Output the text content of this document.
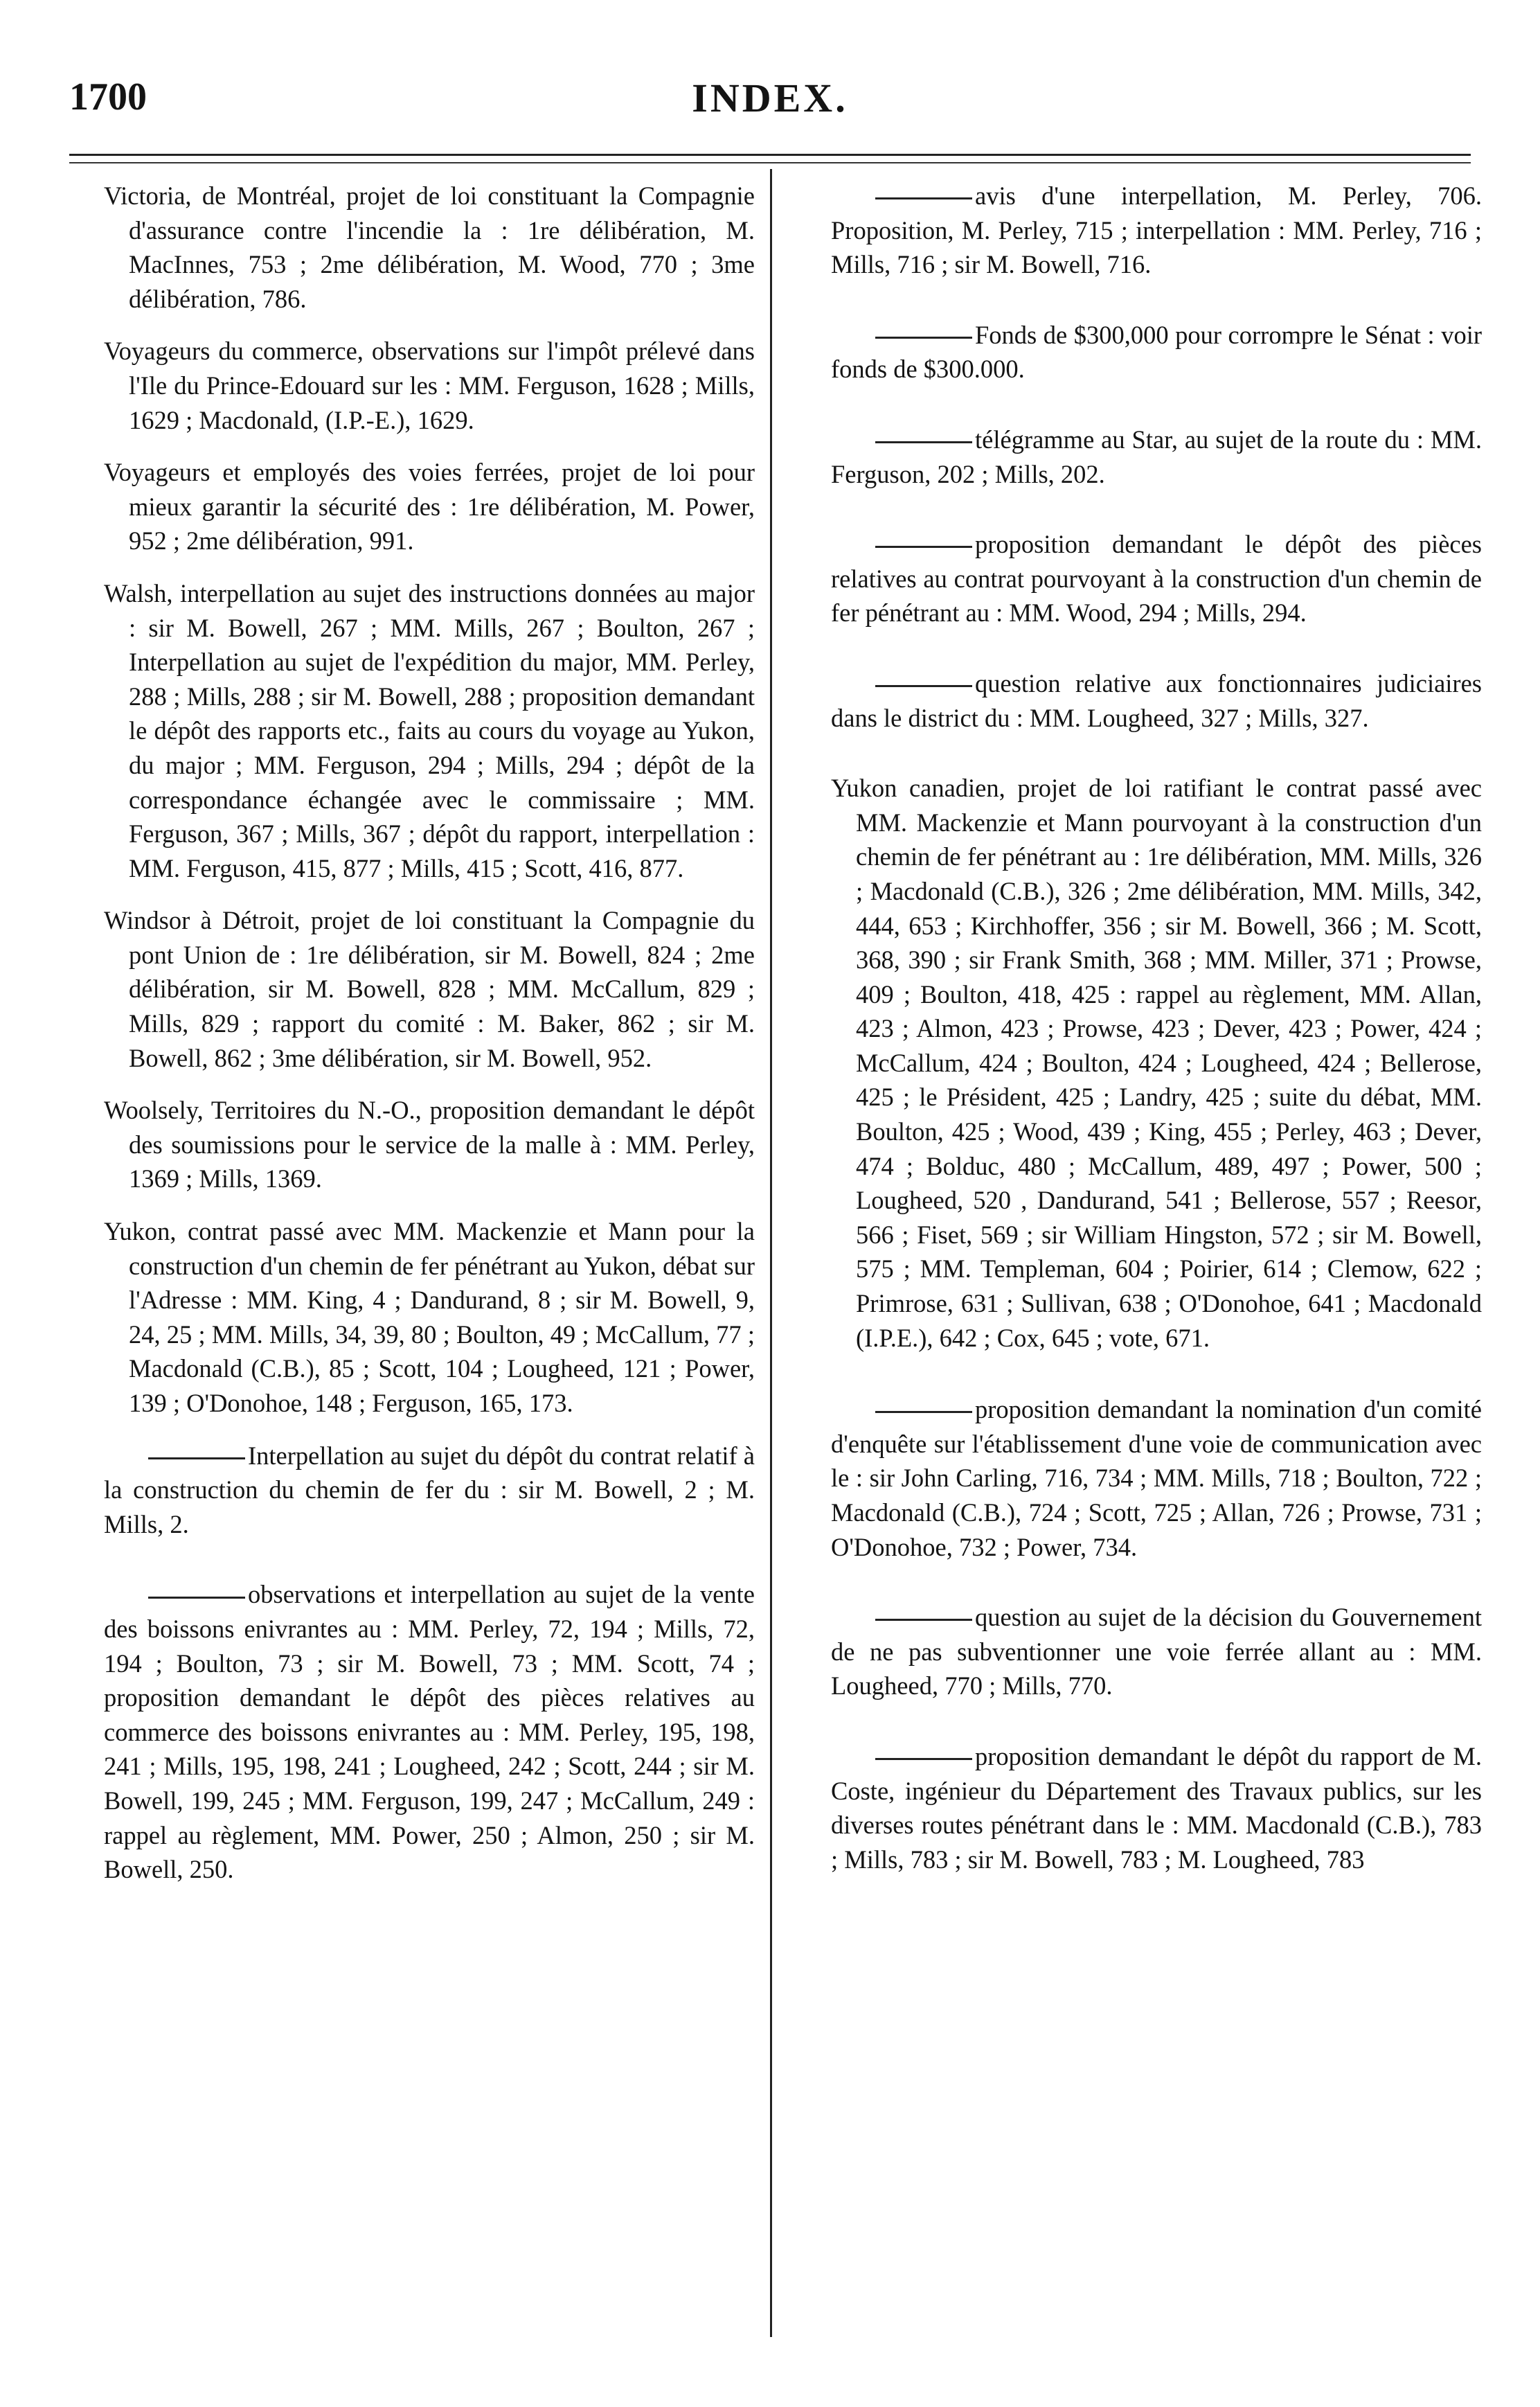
1700	INDEX.

Victoria, de Montréal, projet de loi constituant la Compagnie d'assurance contre l'incendie la : 1re délibération, M. MacInnes, 753 ; 2me délibération, M. Wood, 770 ; 3me délibération, 786.

Voyageurs du commerce, observations sur l'impôt prélevé dans l'Ile du Prince-Edouard sur les : MM. Ferguson, 1628 ; Mills, 1629 ; Macdonald, (I.P.-E.), 1629.

Voyageurs et employés des voies ferrées, projet de loi pour mieux garantir la sécurité des : 1re délibération, M. Power, 952 ; 2me délibération, 991.

Walsh, interpellation au sujet des instructions données au major : sir M. Bowell, 267 ; MM. Mills, 267 ; Boulton, 267 ; Interpellation au sujet de l'expédition du major, MM. Perley, 288 ; Mills, 288 ; sir M. Bowell, 288 ; proposition demandant le dépôt des rapports etc., faits au cours du voyage au Yukon, du major ; MM. Ferguson, 294 ; Mills, 294 ; dépôt de la correspondance échangée avec le commissaire ; MM. Ferguson, 367 ; Mills, 367 ; dépôt du rapport, interpellation : MM. Ferguson, 415, 877 ; Mills, 415 ; Scott, 416, 877.

Windsor à Détroit, projet de loi constituant la Compagnie du pont Union de : 1re délibération, sir M. Bowell, 824 ; 2me délibération, sir M. Bowell, 828 ; MM. McCallum, 829 ; Mills, 829 ; rapport du comité : M. Baker, 862 ; sir M. Bowell, 862 ; 3me délibération, sir M. Bowell, 952.

Woolsely, Territoires du N.-O., proposition demandant le dépôt des soumissions pour le service de la malle à : MM. Perley, 1369 ; Mills, 1369.

Yukon, contrat passé avec MM. Mackenzie et Mann pour la construction d'un chemin de fer pénétrant au Yukon, débat sur l'Adresse : MM. King, 4 ; Dandurand, 8 ; sir M. Bowell, 9, 24, 25 ; MM. Mills, 34, 39, 80 ; Boulton, 49 ; McCallum, 77 ; Macdonald (C.B.), 85 ; Scott, 104 ; Lougheed, 121 ; Power, 139 ; O'Donohoe, 148 ; Ferguson, 165, 173.

Interpellation au sujet du dépôt du contrat relatif à la construction du chemin de fer du : sir M. Bowell, 2 ; M. Mills, 2.

observations et interpellation au sujet de la vente des boissons enivrantes au : MM. Perley, 72, 194 ; Mills, 72, 194 ; Boulton, 73 ; sir M. Bowell, 73 ; MM. Scott, 74 ; proposition demandant le dépôt des pièces relatives au commerce des boissons enivrantes au : MM. Perley, 195, 198, 241 ; Mills, 195, 198, 241 ; Lougheed, 242 ; Scott, 244 ; sir M. Bowell, 199, 245 ; MM. Ferguson, 199, 247 ; McCallum, 249 : rappel au règlement, MM. Power, 250 ; Almon, 250 ; sir M. Bowell, 250.

avis d'une interpellation, M. Perley, 706. Proposition, M. Perley, 715 ; interpellation : MM. Perley, 716 ; Mills, 716 ; sir M. Bowell, 716.

Fonds de $300,000 pour corrompre le Sénat : voir fonds de $300.000.

télégramme au Star, au sujet de la route du : MM. Ferguson, 202 ; Mills, 202.

proposition demandant le dépôt des pièces relatives au contrat pourvoyant à la construction d'un chemin de fer pénétrant au : MM. Wood, 294 ; Mills, 294.

question relative aux fonctionnaires judiciaires dans le district du : MM. Lougheed, 327 ; Mills, 327.

Yukon canadien, projet de loi ratifiant le contrat passé avec MM. Mackenzie et Mann pourvoyant à la construction d'un chemin de fer pénétrant au : 1re délibération, MM. Mills, 326 ; Macdonald (C.B.), 326 ; 2me délibération, MM. Mills, 342, 444, 653 ; Kirchhoffer, 356 ; sir M. Bowell, 366 ; M. Scott, 368, 390 ; sir Frank Smith, 368 ; MM. Miller, 371 ; Prowse, 409 ; Boulton, 418, 425 : rappel au règlement, MM. Allan, 423 ; Almon, 423 ; Prowse, 423 ; Dever, 423 ; Power, 424 ; McCallum, 424 ; Boulton, 424 ; Lougheed, 424 ; Bellerose, 425 ; le Président, 425 ; Landry, 425 ; suite du débat, MM. Boulton, 425 ; Wood, 439 ; King, 455 ; Perley, 463 ; Dever, 474 ; Bolduc, 480 ; McCallum, 489, 497 ; Power, 500 ; Lougheed, 520 , Dandurand, 541 ; Bellerose, 557 ; Reesor, 566 ; Fiset, 569 ; sir William Hingston, 572 ; sir M. Bowell, 575 ; MM. Templeman, 604 ; Poirier, 614 ; Clemow, 622 ; Primrose, 631 ; Sullivan, 638 ; O'Donohoe, 641 ; Macdonald (I.P.E.), 642 ; Cox, 645 ; vote, 671.

proposition demandant la nomination d'un comité d'enquête sur l'établissement d'une voie de communication avec le : sir John Carling, 716, 734 ; MM. Mills, 718 ; Boulton, 722 ; Macdonald (C.B.), 724 ; Scott, 725 ; Allan, 726 ; Prowse, 731 ; O'Donohoe, 732 ; Power, 734.

question au sujet de la décision du Gouvernement de ne pas subventionner une voie ferrée allant au : MM. Lougheed, 770 ; Mills, 770.

proposition demandant le dépôt du rapport de M. Coste, ingénieur du Département des Travaux publics, sur les diverses routes pénétrant dans le : MM. Macdonald (C.B.), 783 ; Mills, 783 ; sir M. Bowell, 783 ; M. Lougheed, 783
